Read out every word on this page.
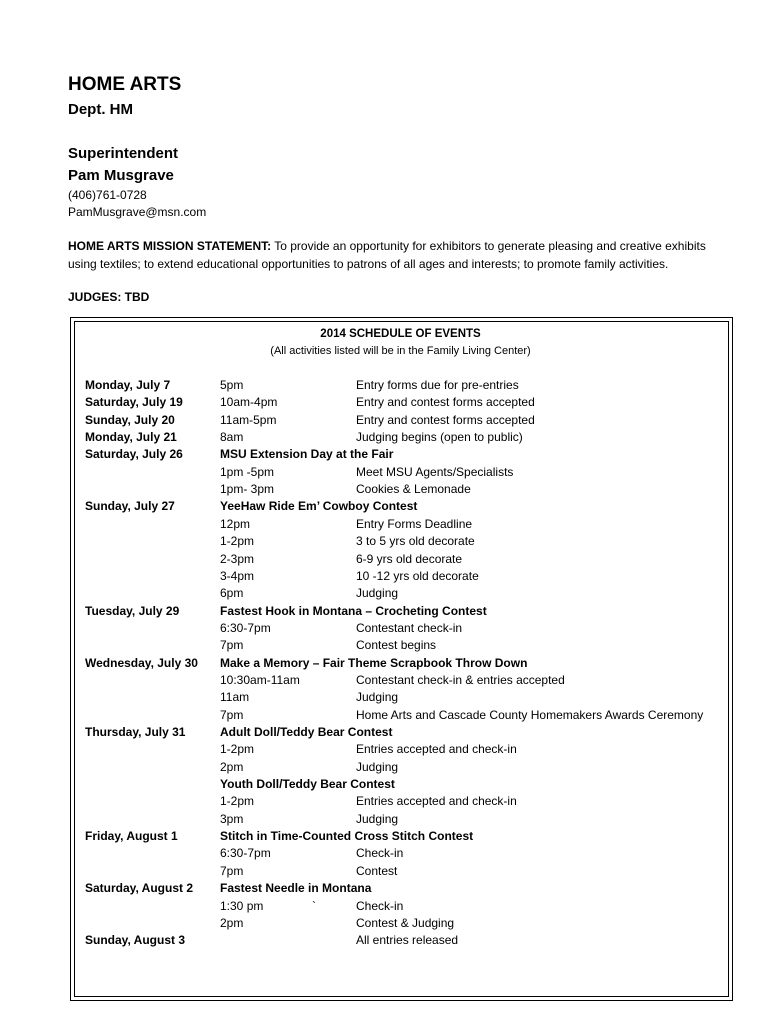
HOME ARTS
Dept. HM
Superintendent
Pam Musgrave
(406)761-0728
PamMusgrave@msn.com
HOME ARTS MISSION STATEMENT: To provide an opportunity for exhibitors to generate pleasing and creative exhibits using textiles; to extend educational opportunities to patrons of all ages and interests; to promote family activities.
JUDGES: TBD
2014 SCHEDULE OF EVENTS
(All activities listed will be in the Family Living Center)
Monday, July 7	5pm	Entry forms due for pre-entries
Saturday, July 19	10am-4pm	Entry and contest forms accepted
Sunday, July 20	11am-5pm	Entry and contest forms accepted
Monday, July 21	8am	Judging begins (open to public)
Saturday, July 26	MSU Extension Day at the Fair
1pm -5pm	Meet MSU Agents/Specialists
1pm- 3pm	Cookies & Lemonade
Sunday, July 27	YeeHaw Ride Em’ Cowboy Contest
12pm	Entry Forms Deadline
1-2pm	3 to 5 yrs old decorate
2-3pm	6-9 yrs old decorate
3-4pm	10 -12 yrs old decorate
6pm	Judging
Tuesday, July 29	Fastest Hook in Montana – Crocheting Contest
6:30-7pm	Contestant check-in
7pm	Contest begins
Wednesday, July 30 Make a Memory – Fair Theme Scrapbook Throw Down
10:30am-11am	Contestant check-in & entries accepted
11am	Judging
7pm	Home Arts and Cascade County Homemakers Awards Ceremony
Thursday, July 31	Adult Doll/Teddy Bear Contest
1-2pm	Entries accepted and check-in
2pm	Judging
Youth Doll/Teddy Bear Contest
1-2pm	Entries accepted and check-in
3pm	Judging
Friday, August 1	Stitch in Time-Counted Cross Stitch Contest
6:30-7pm	Check-in
7pm	Contest
Saturday, August 2 Fastest Needle in Montana
1:30 pm	`	Check-in
2pm	Contest & Judging
Sunday, August 3	All entries released
